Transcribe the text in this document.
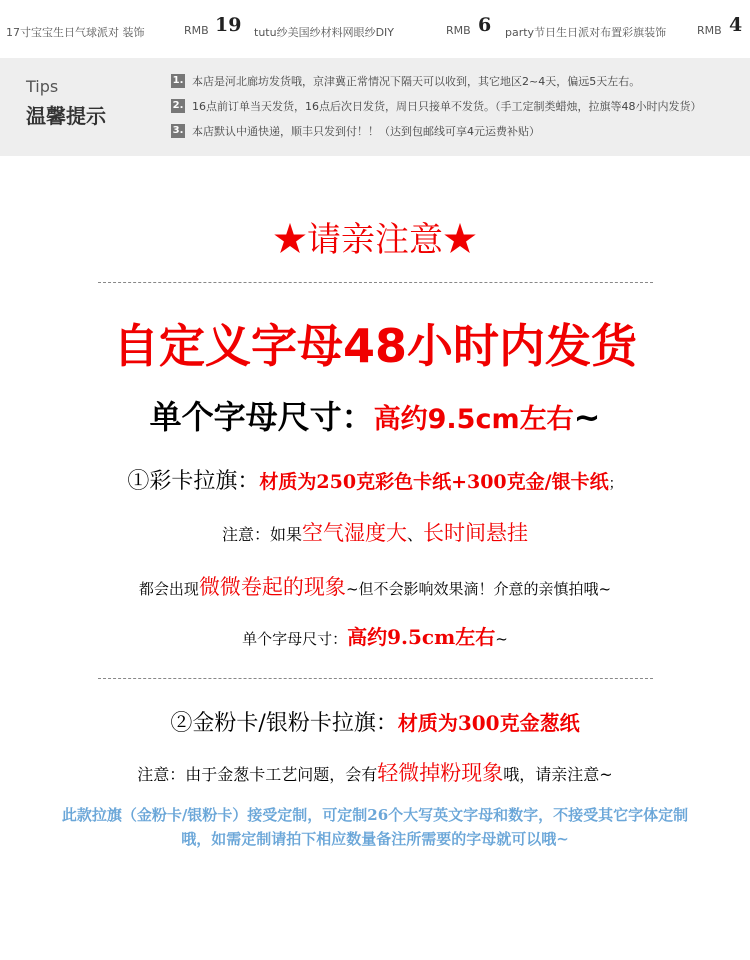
17寸宝宝生日气球派对 装饰	RMB 19 tutu纱美国纱材料网眼纱DIY	RMB 6 party节日生日派对布置彩旗装饰	RMB 4
Tips
温馨提示
1. 本店是河北廊坊发货哦，京津冀正常情况下隔天可以收到，其它地区2~4天，偏远5天左右。
2. 16点前订单当天发货，16点后次日发货，周日只接单不发货。（手工定制类蜡烛，拉旗等48小时内发货）
3. 本店默认中通快递，顺丰只发到付！！（达到包邮线可享4元运费补贴）
★请亲注意★
自定义字母48小时内发货
单个字母尺寸：高约9.5cm左右~
①彩卡拉旗：材质为250克彩色卡纸+300克金/银卡纸；
注意：如果空气湿度大、长时间悬挂
都会出现微微卷起的现象~但不会影响效果滴！介意的亲慎拍哦~
单个字母尺寸：高约9.5cm左右~
②金粉卡/银粉卡拉旗：材质为300克金葱纸
注意：由于金葱卡工艺问题，会有轻微掉粉现象哦，请亲注意~
此款拉旗（金粉卡/银粉卡）接受定制，可定制26个大写英文字母和数字，不接受其它字体定制
哦，如需定制请拍下相应数量备注所需要的字母就可以哦~
